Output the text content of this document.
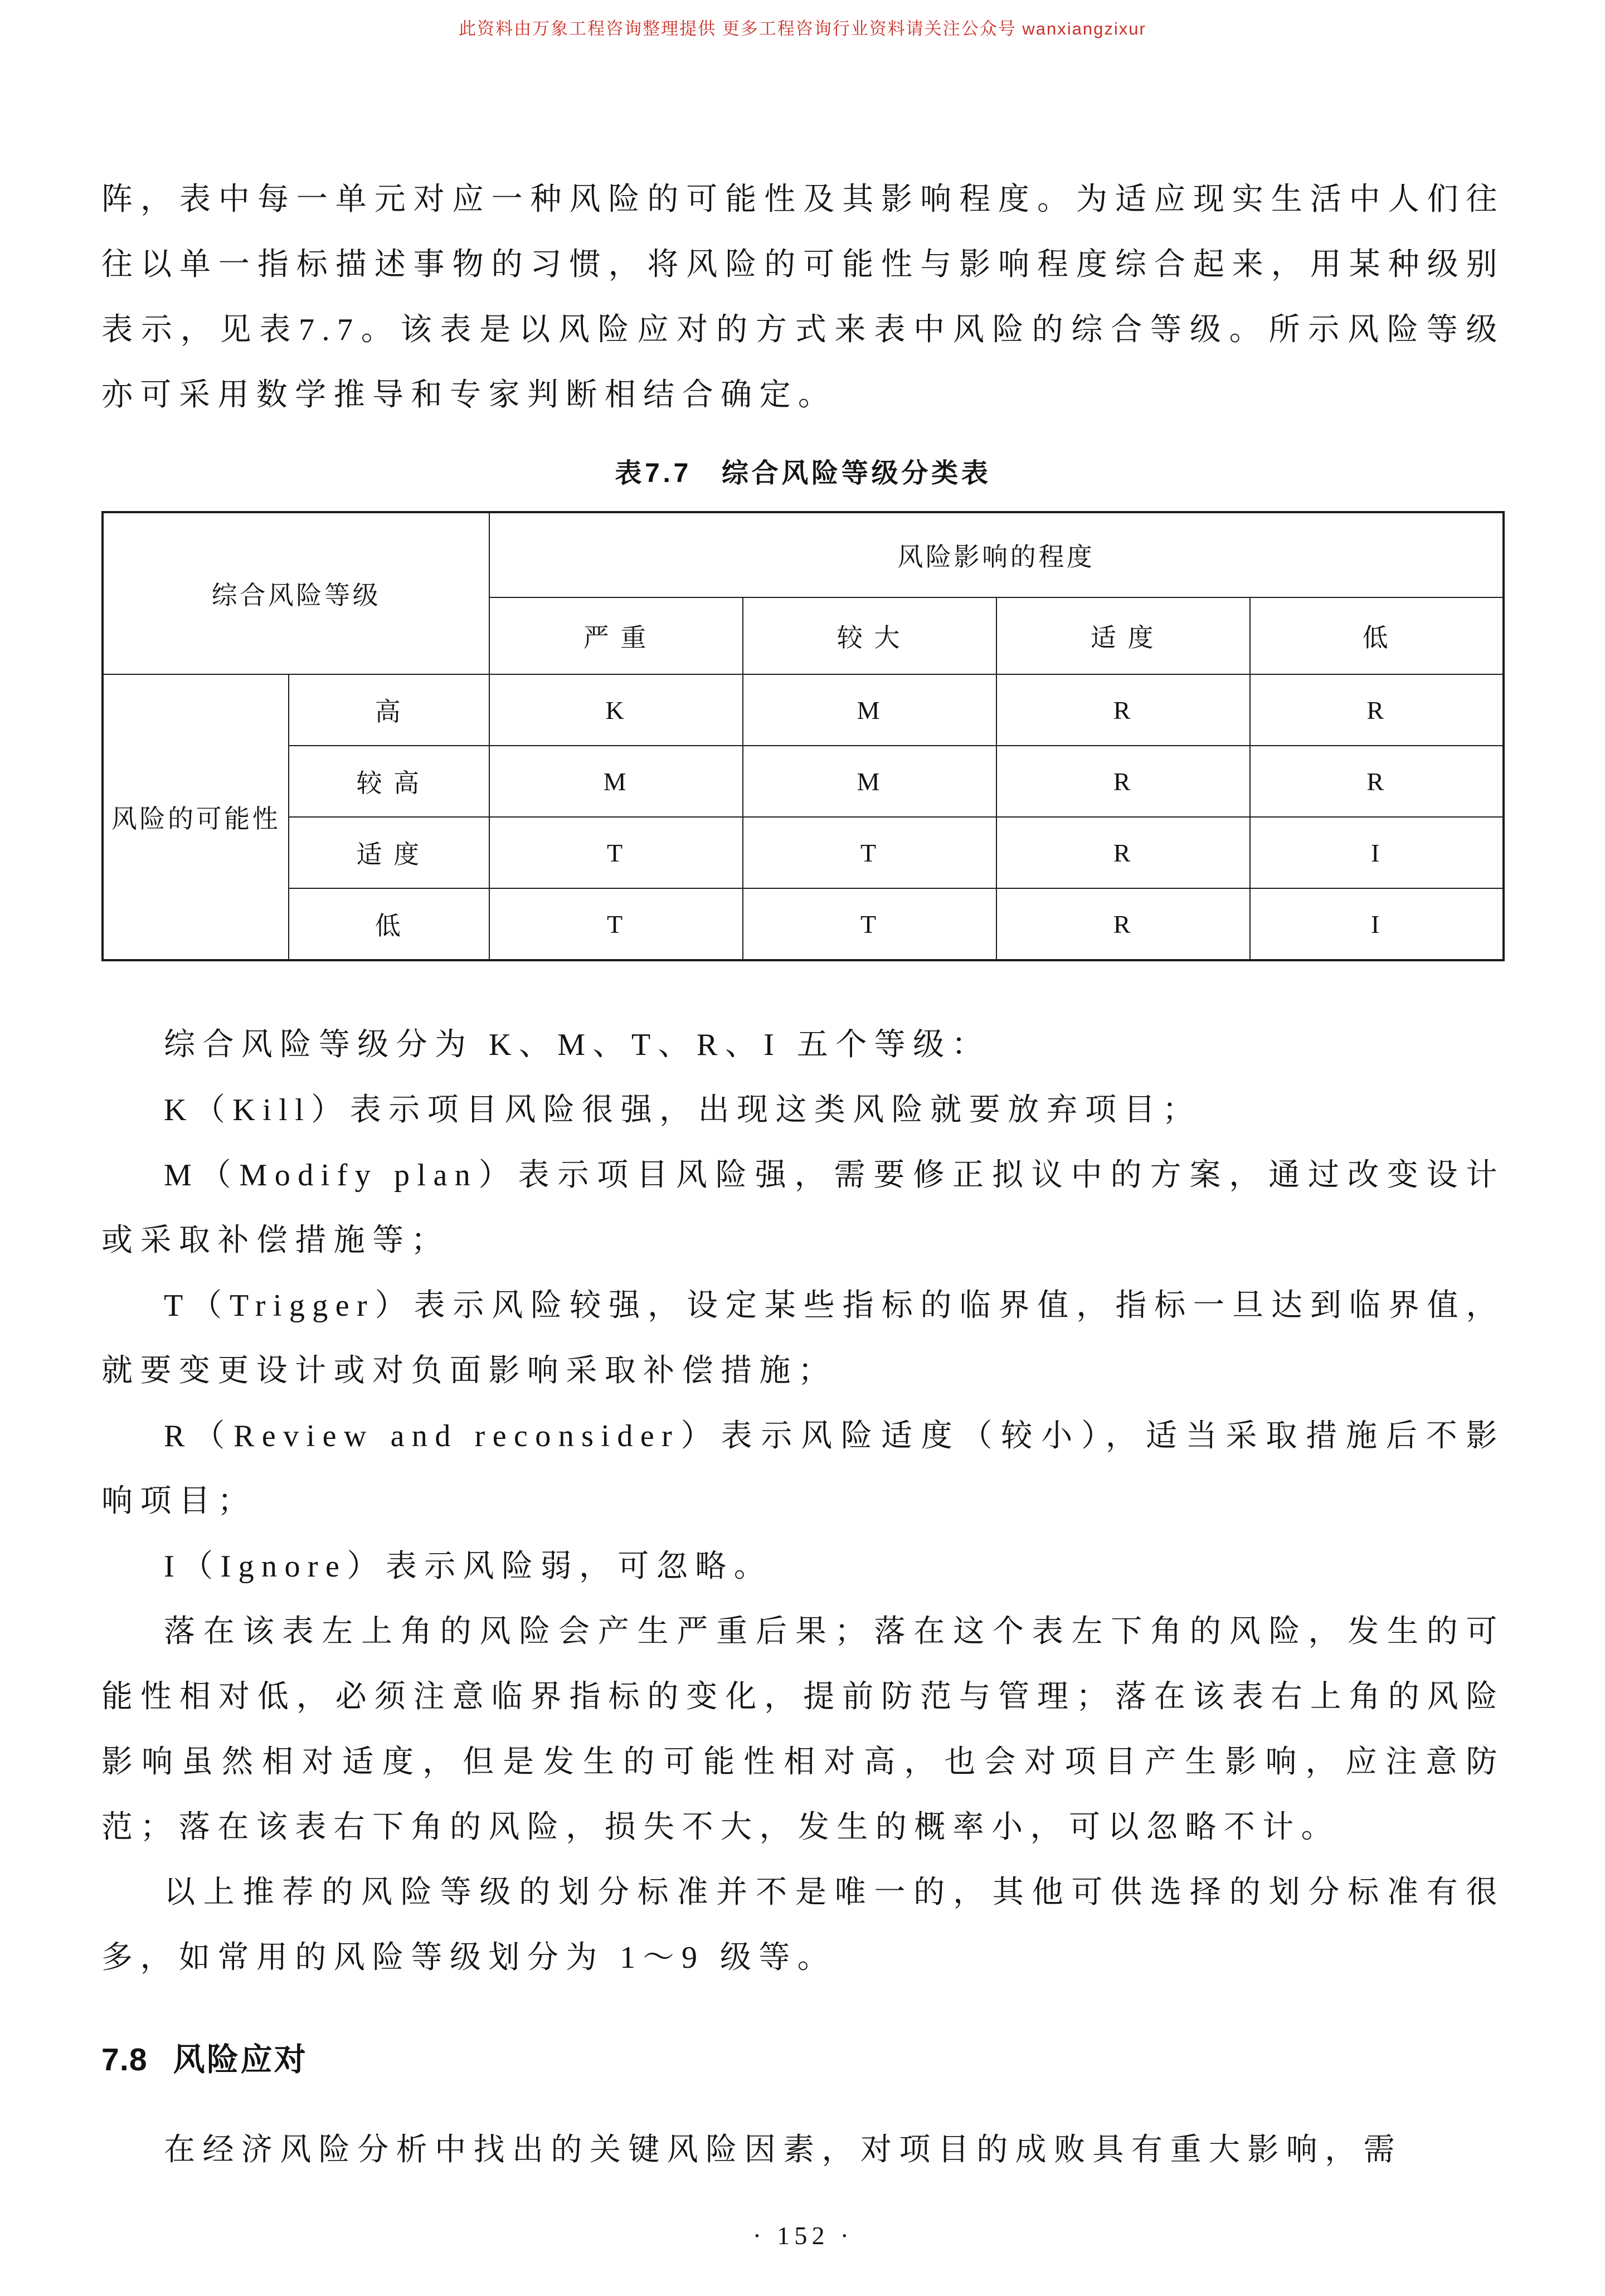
此资料由万象工程咨询整理提供 更多工程咨询行业资料请关注公众号 wanxiangzixur

阵，表中每一单元对应一种风险的可能性及其影响程度。为适应现实生活中人们往往以单一指标描述事物的习惯，将风险的可能性与影响程度综合起来，用某种级别表示，见表7.7。该表是以风险应对的方式来表中风险的综合等级。所示风险等级亦可采用数学推导和专家判断相结合确定。

表7.7　综合风险等级分类表
综合风险等级		风险影响的程度			
		严 重	较 大	适 度	低
风险的可能性	高	K	M	R	R
	较 高	M	M	R	R
	适 度	T	T	R	I
	低	T	T	R	I

综合风险等级分为 K、M、T、R、I 五个等级：

K（Kill）表示项目风险很强，出现这类风险就要放弃项目；

M（Modify plan）表示项目风险强，需要修正拟议中的方案，通过改变设计或采取补偿措施等；

T（Trigger）表示风险较强，设定某些指标的临界值，指标一旦达到临界值，就要变更设计或对负面影响采取补偿措施；

R（Review and reconsider）表示风险适度（较小），适当采取措施后不影响项目；

I（Ignore）表示风险弱，可忽略。

落在该表左上角的风险会产生严重后果；落在这个表左下角的风险，发生的可能性相对低，必须注意临界指标的变化，提前防范与管理；落在该表右上角的风险影响虽然相对适度，但是发生的可能性相对高，也会对项目产生影响，应注意防范；落在该表右下角的风险，损失不大，发生的概率小，可以忽略不计。

以上推荐的风险等级的划分标准并不是唯一的，其他可供选择的划分标准有很多，如常用的风险等级划分为 1～9 级等。

7.8 风险应对

在经济风险分析中找出的关键风险因素，对项目的成败具有重大影响，需

· 152 ·
